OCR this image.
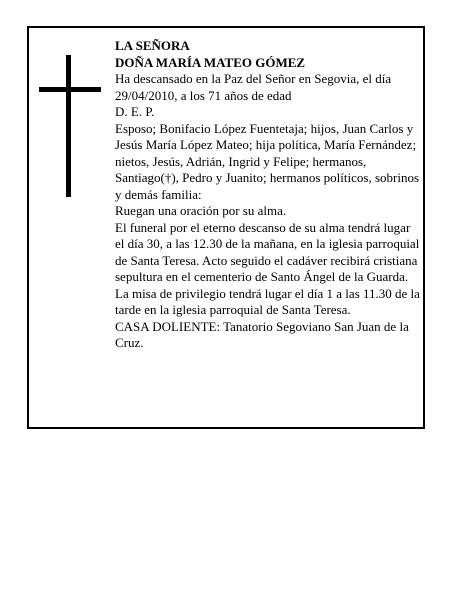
LA SEÑORA

DOÑA MARÍA MATEO GÓMEZ

Ha descansado en la Paz del Señor en Segovia, el día 29/04/2010, a los 71 años de edad

D. E. P.

Esposo; Bonifacio López Fuentetaja; hijos, Juan Carlos y Jesús María López Mateo; hija política, María Fernández; nietos, Jesús, Adrián, Ingrid y Felipe; hermanos, Santiago(†), Pedro y Juanito; hermanos políticos, sobrinos y demás familia:

Ruegan una oración por su alma.

El funeral por el eterno descanso de su alma tendrá lugar el día 30, a las 12.30 de la mañana, en la iglesia parroquial de Santa Teresa. Acto seguido el cadáver recibirá cristiana sepultura en el cementerio de Santo Ángel de la Guarda.

La misa de privilegio tendrá lugar el día 1 a las 11.30 de la tarde en la iglesia parroquial de Santa Teresa.

CASA DOLIENTE: Tanatorio Segoviano San Juan de la Cruz.
